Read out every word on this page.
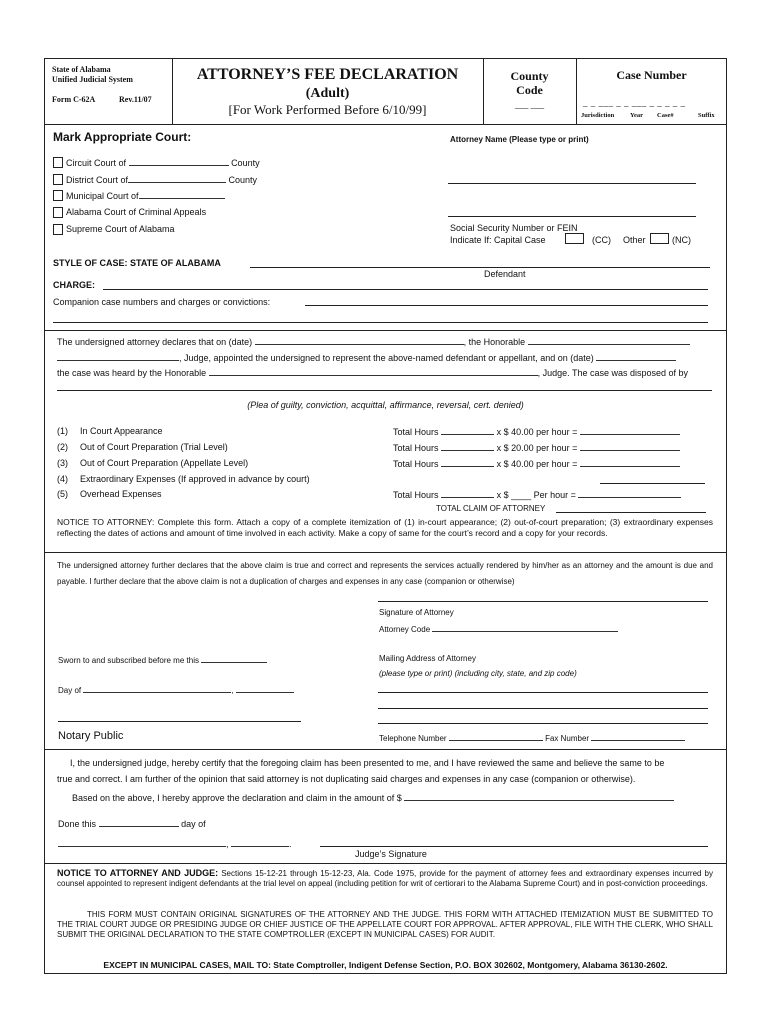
State of Alabama
Unified Judicial System
Form C-62A	Rev.11/07
ATTORNEY’S FEE DECLARATION
(Adult)
[For Work Performed Before 6/10/99]
County
Code
___ ___
Case Number
_ _ ___ _ _ ___ _ _ _ _ _
Jurisdiction Year Case#	Suffix
Mark Appropriate Court:
Circuit Court of	County
District Court of	County
Municipal Court of
Alabama Court of Criminal Appeals
Supreme Court of Alabama
Attorney Name (Please type or print)
Social Security Number or FEIN
Indicate If: Capital Case	(CC) Other	(NC)
STYLE OF CASE: STATE OF ALABAMA
Defendant
CHARGE:
Companion case numbers and charges or convictions:
The undersigned attorney declares that on (date)	, the Honorable
, Judge, appointed the undersigned to represent the above-named defendant or appellant, and on (date)
the case was heard by the Honorable	, Judge. The case was disposed of by
(Plea of guilty, conviction, acquittal, affirmance, reversal, cert. denied)
(1) In Court Appearance	Total Hours	x $ 40.00 per hour =
(2) Out of Court Preparation (Trial Level)	Total Hours	x $ 20.00 per hour =
(3) Out of Court Preparation (Appellate Level)	Total Hours	x $ 40.00 per hour =
(4) Extraordinary Expenses (If approved in advance by court)
(5) Overhead Expenses	Total Hours	x $ ____ Per hour =
TOTAL CLAIM OF ATTORNEY
NOTICE TO ATTORNEY: Complete this form. Attach a copy of a complete itemization of (1) in-court appearance; (2) out-of-court preparation; (3) extraordinary expenses reflecting the dates of actions and amount of time involved in each activity. Make a copy of same for the court’s record and a copy for your records.
The undersigned attorney further declares that the above claim is true and correct and represents the services actually rendered by him/her as an attorney and the amount is due and payable. I further declare that the above claim is not a duplication of charges and expenses in any case (companion or otherwise)
Signature of Attorney
Attorney Code
Sworn to and subscribed before me this
Day of	,
Notary Public
Mailing Address of Attorney
(please type or print) (including city, state, and zip code)
Telephone Number	Fax Number
I, the undersigned judge, hereby certify that the foregoing claim has been presented to me, and I have reviewed the same and believe the same to be
true and correct. I am further of the opinion that said attorney is not duplicating said charges and expenses in any case (companion or otherwise).
Based on the above, I hereby approve the declaration and claim in the amount of $
Done this	day of
,	.
Judge’s Signature
NOTICE TO ATTORNEY AND JUDGE: Sections 15-12-21 through 15-12-23, Ala. Code 1975, provide for the payment of attorney fees and extraordinary expenses incurred by counsel appointed to represent indigent defendants at the trial level on appeal (including petition for writ of certiorari to the Alabama Supreme Court) and in post-conviction proceedings.
THIS FORM MUST CONTAIN ORIGINAL SIGNATURES OF THE ATTORNEY AND THE JUDGE. THIS FORM WITH ATTACHED ITEMIZATION MUST BE SUBMITTED TO THE TRIAL COURT JUDGE OR PRESIDING JUDGE OR CHIEF JUSTICE OF THE APPELLATE COURT FOR APPROVAL. AFTER APPROVAL, FILE WITH THE CLERK, WHO SHALL SUBMIT THE ORIGINAL DECLARATION TO THE STATE COMPTROLLER (EXCEPT IN MUNICIPAL CASES) FOR AUDIT.
EXCEPT IN MUNICIPAL CASES, MAIL TO: State Comptroller, Indigent Defense Section, P.O. BOX 302602, Montgomery, Alabama 36130-2602.
